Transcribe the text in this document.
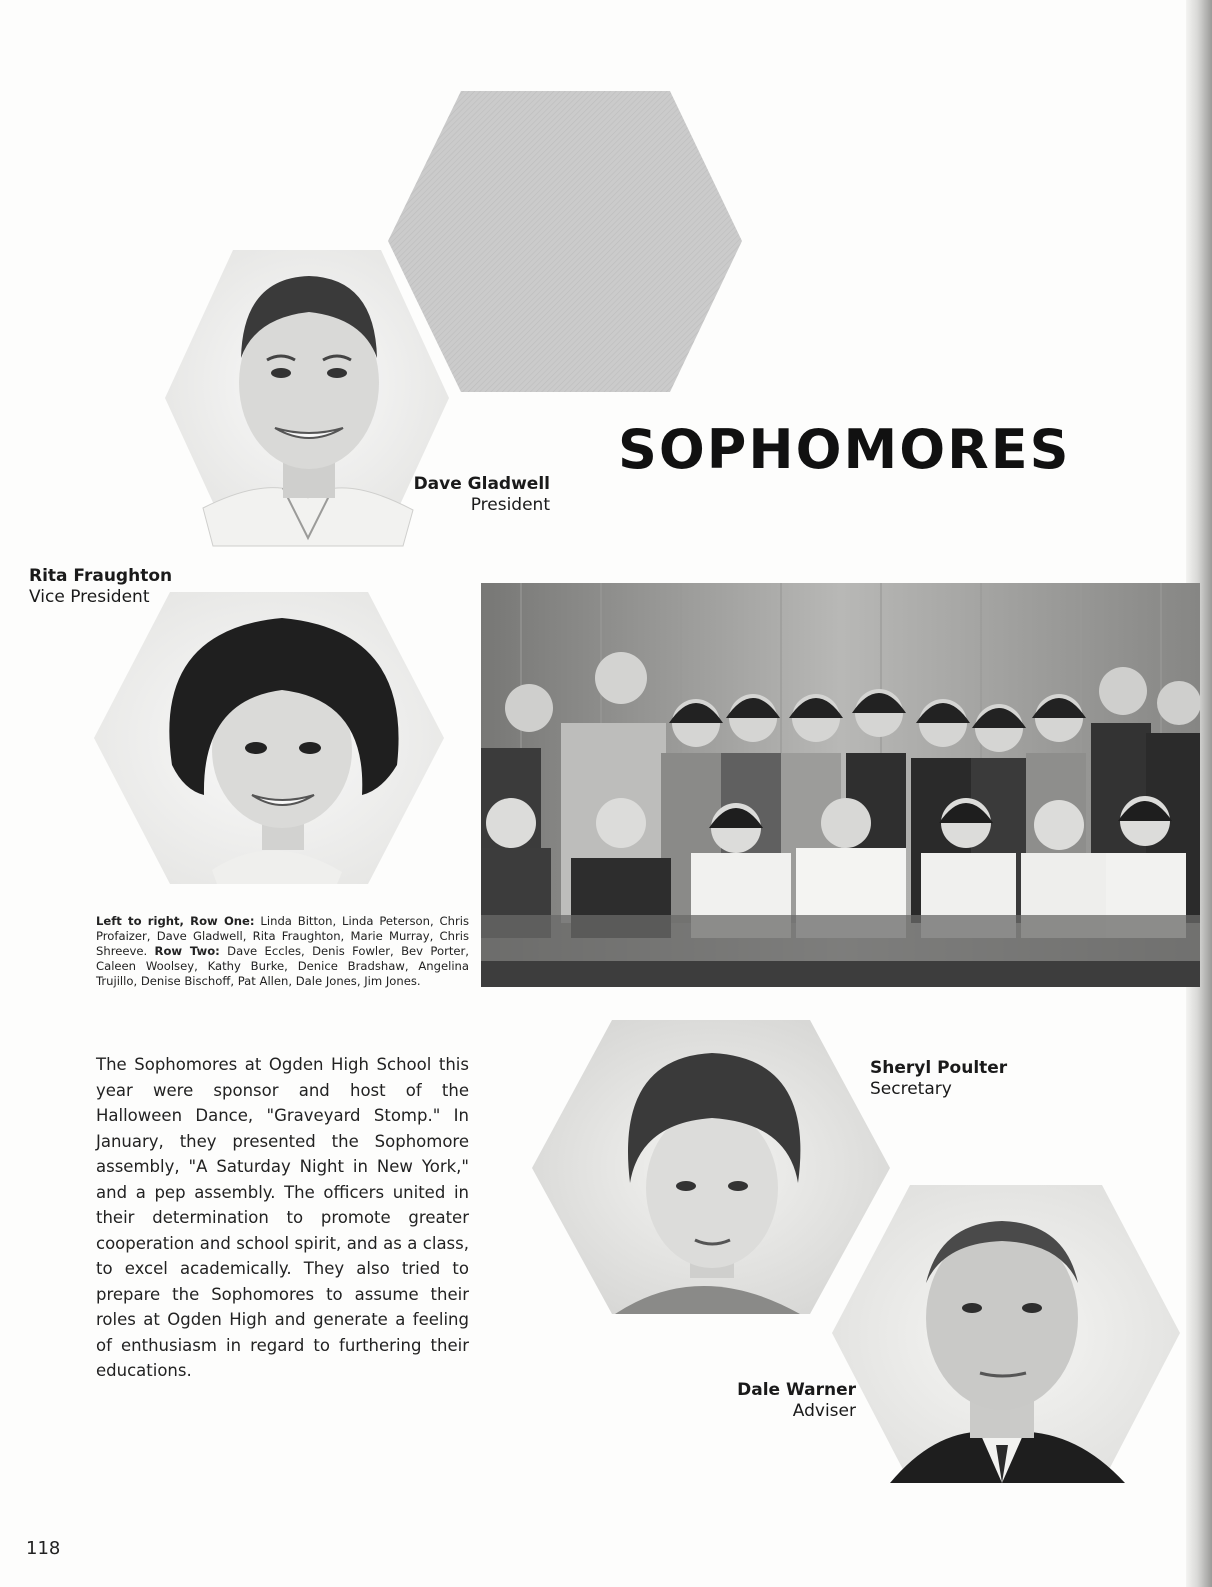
Dave Gladwell
President
SOPHOMORES
Rita Fraughton
Vice President
Left to right, Row One: Linda Bitton, Linda Peterson, Chris Profaizer, Dave Gladwell, Rita Fraughton, Marie Murray, Chris Shreeve. Row Two: Dave Eccles, Denis Fowler, Bev Porter, Caleen Woolsey, Kathy Burke, Denice Bradshaw, Angelina Trujillo, Denise Bischoff, Pat Allen, Dale Jones, Jim Jones.
The Sophomores at Ogden High School this year were sponsor and host of the Halloween Dance, "Graveyard Stomp." In January, they presented the Sophomore assembly, "A Saturday Night in New York," and a pep assembly. The officers united in their determination to promote greater cooperation and school spirit, and as a class, to excel academically. They also tried to prepare the Sophomores to assume their roles at Ogden High and generate a feeling of enthusiasm in regard to furthering their educations.
Sheryl Poulter
Secretary
Dale Warner
Adviser
118
